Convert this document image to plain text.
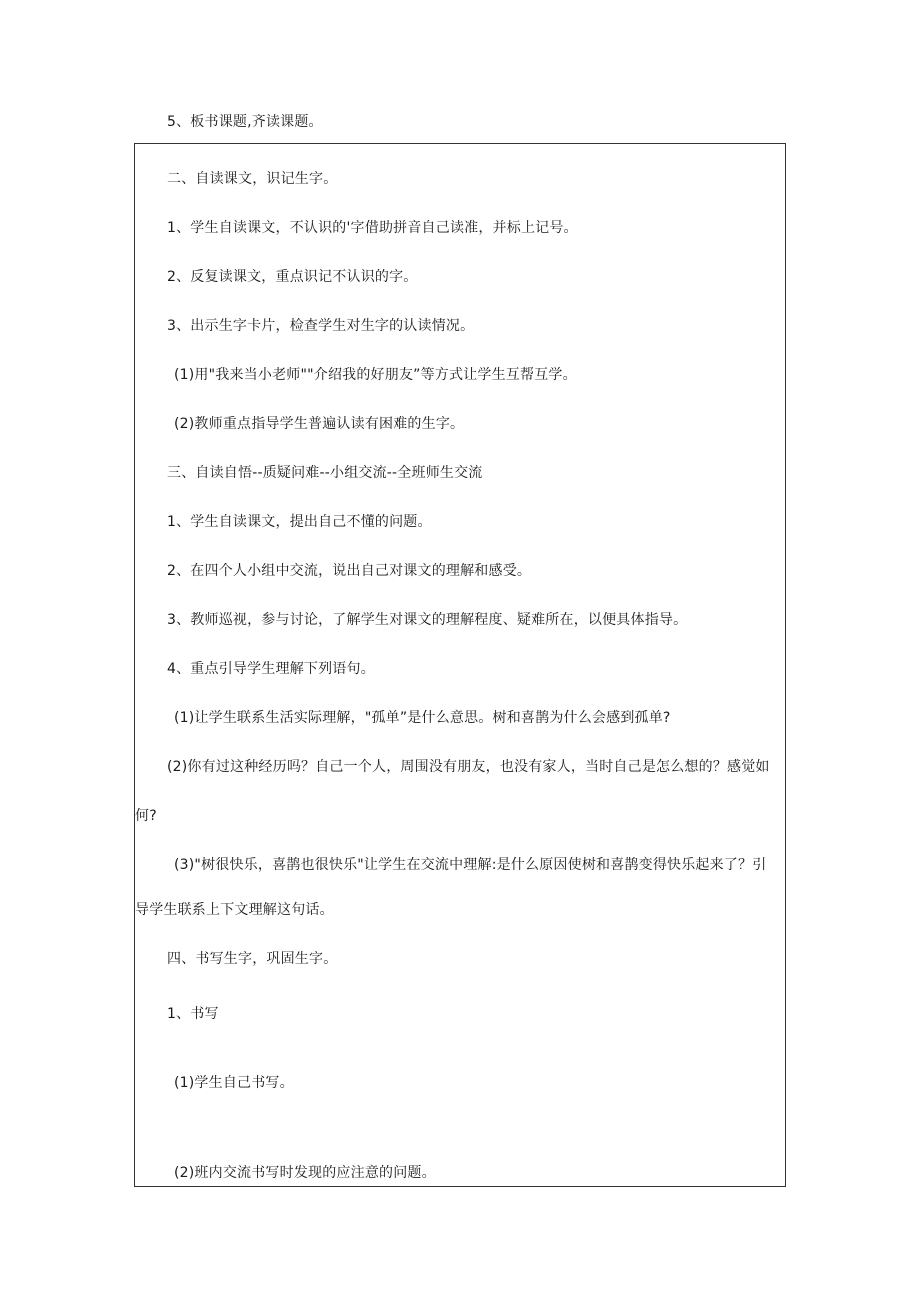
5、板书课题,齐读课题。
二、自读课文，识记生字。
1、学生自读课文，不认识的'字借助拼音自己读准，并标上记号。
2、反复读课文，重点识记不认识的字。
3、出示生字卡片，检查学生对生字的认读情况。
(1)用"我来当小老师""介绍我的好朋友”等方式让学生互帮互学。
(2)教师重点指导学生普遍认读有困难的生字。
三、自读自悟--质疑问难--小组交流--全班师生交流
1、学生自读课文，提出自己不懂的问题。
2、在四个人小组中交流，说出自己对课文的理解和感受。
3、教师巡视，参与讨论，了解学生对课文的理解程度、疑难所在，以便具体指导。
4、重点引导学生理解下列语句。
(1)让学生联系生活实际理解，"孤单”是什么意思。树和喜鹊为什么会感到孤单?
(2)你有过这种经历吗？自己一个人，周围没有朋友，也没有家人，当时自己是怎么想的？感觉如
何?
(3)"树很快乐，喜鹊也很快乐"让学生在交流中理解:是什么原因使树和喜鹊变得快乐起来了？引
导学生联系上下文理解这句话。
四、书写生字，巩固生字。
1、书写
(1)学生自己书写。
(2)班内交流书写时发现的应注意的问题。
